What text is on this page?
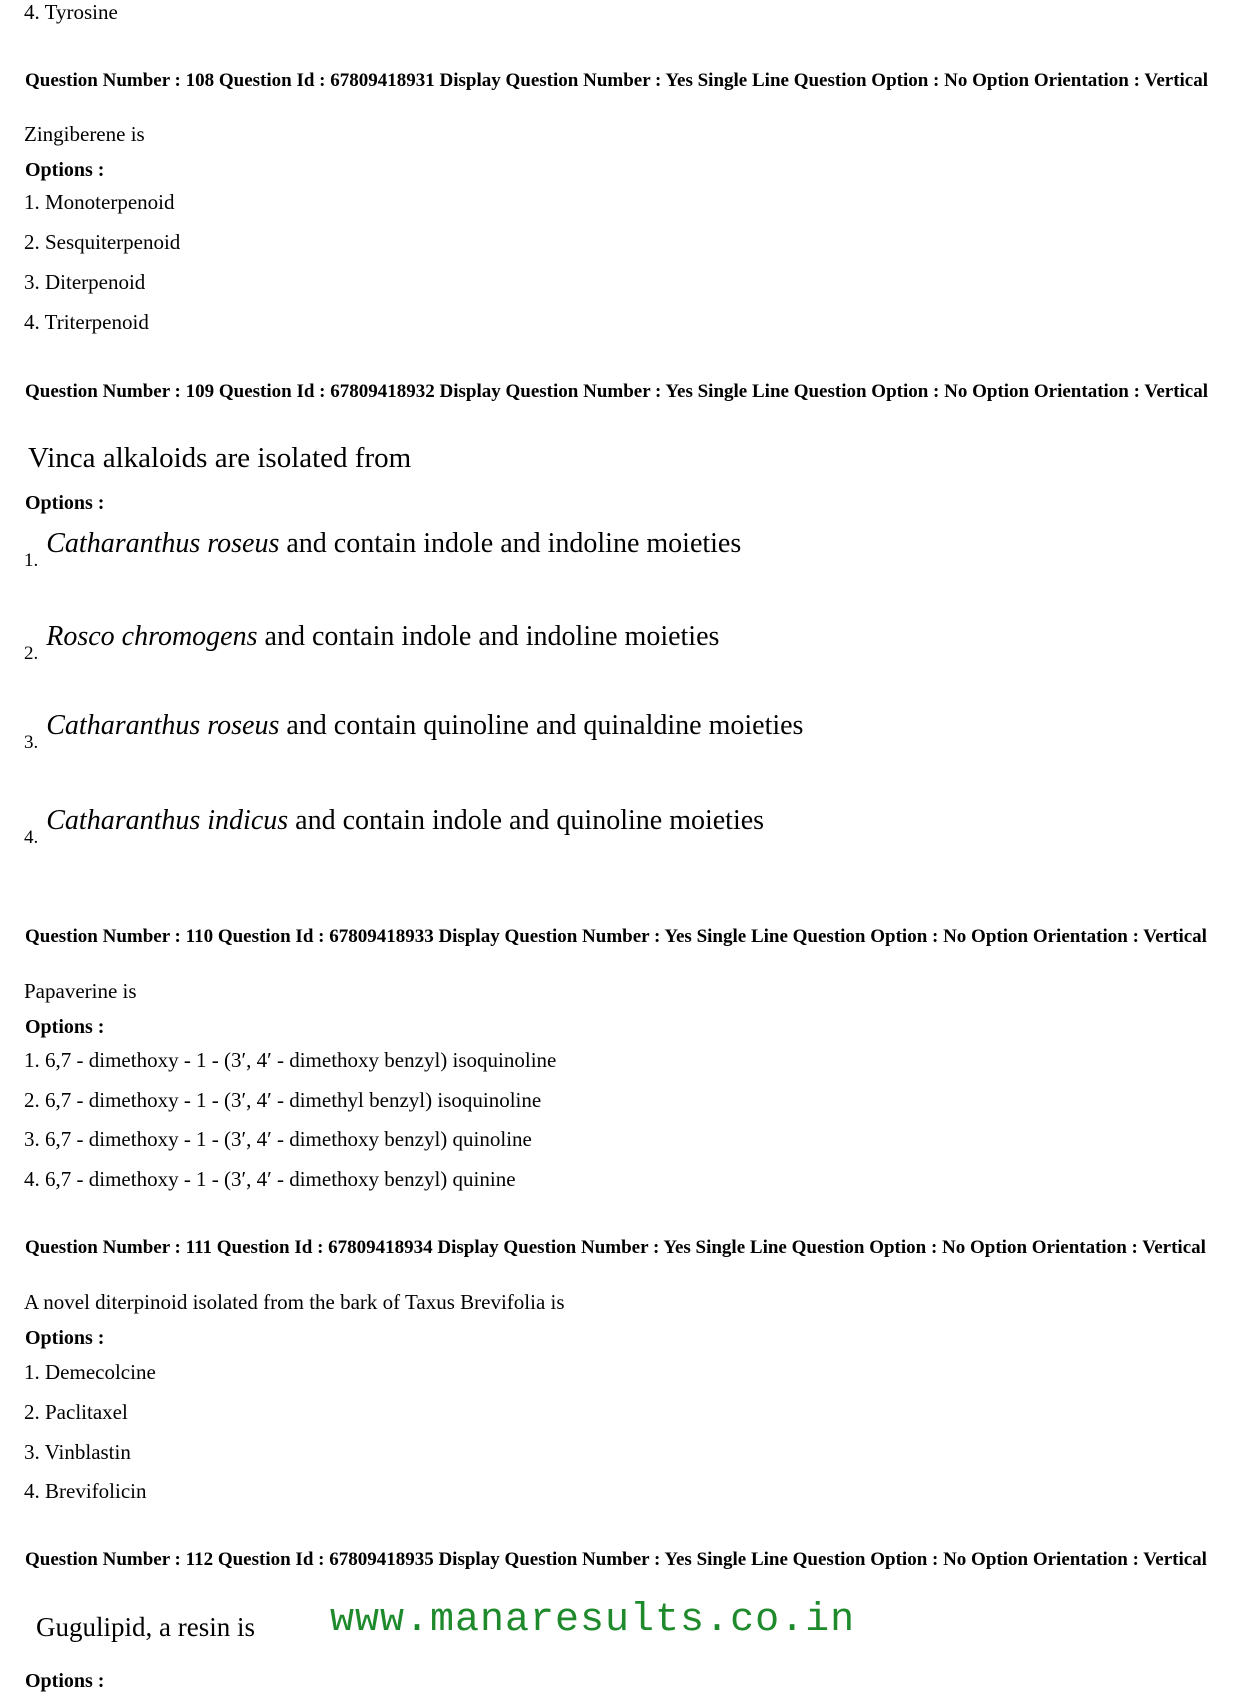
4. Tyrosine
Question Number : 108 Question Id : 67809418931 Display Question Number : Yes Single Line Question Option : No Option Orientation : Vertical
Zingiberene is
Options :
1. Monoterpenoid
2. Sesquiterpenoid
3. Diterpenoid
4. Triterpenoid
Question Number : 109 Question Id : 67809418932 Display Question Number : Yes Single Line Question Option : No Option Orientation : Vertical
Vinca alkaloids are isolated from
Options :
$_{1.}$Catharanthus roseus and contain indole and indoline moieties
$_{2.}$Rosco chromogens and contain indole and indoline moieties
$_{3.}$Catharanthus roseus and contain quinoline and quinaldine moieties
$_{4.}$Catharanthus indicus and contain indole and quinoline moieties
Question Number : 110 Question Id : 67809418933 Display Question Number : Yes Single Line Question Option : No Option Orientation : Vertical
Papaverine is
Options :
1. 6,7 - dimethoxy - 1 - (3′, 4′ - dimethoxy benzyl) isoquinoline
2. 6,7 - dimethoxy - 1 - (3′, 4′ - dimethyl benzyl) isoquinoline
3. 6,7 - dimethoxy - 1 - (3′, 4′ - dimethoxy benzyl) quinoline
4. 6,7 - dimethoxy - 1 - (3′, 4′ - dimethoxy benzyl) quinine
Question Number : 111 Question Id : 67809418934 Display Question Number : Yes Single Line Question Option : No Option Orientation : Vertical
A novel diterpinoid isolated from the bark of Taxus Brevifolia is
Options :
1. Demecolcine
2. Paclitaxel
3. Vinblastin
4. Brevifolicin
Question Number : 112 Question Id : 67809418935 Display Question Number : Yes Single Line Question Option : No Option Orientation : Vertical
Gugulipid, a resin is www.manaresults.co.in
Options :
